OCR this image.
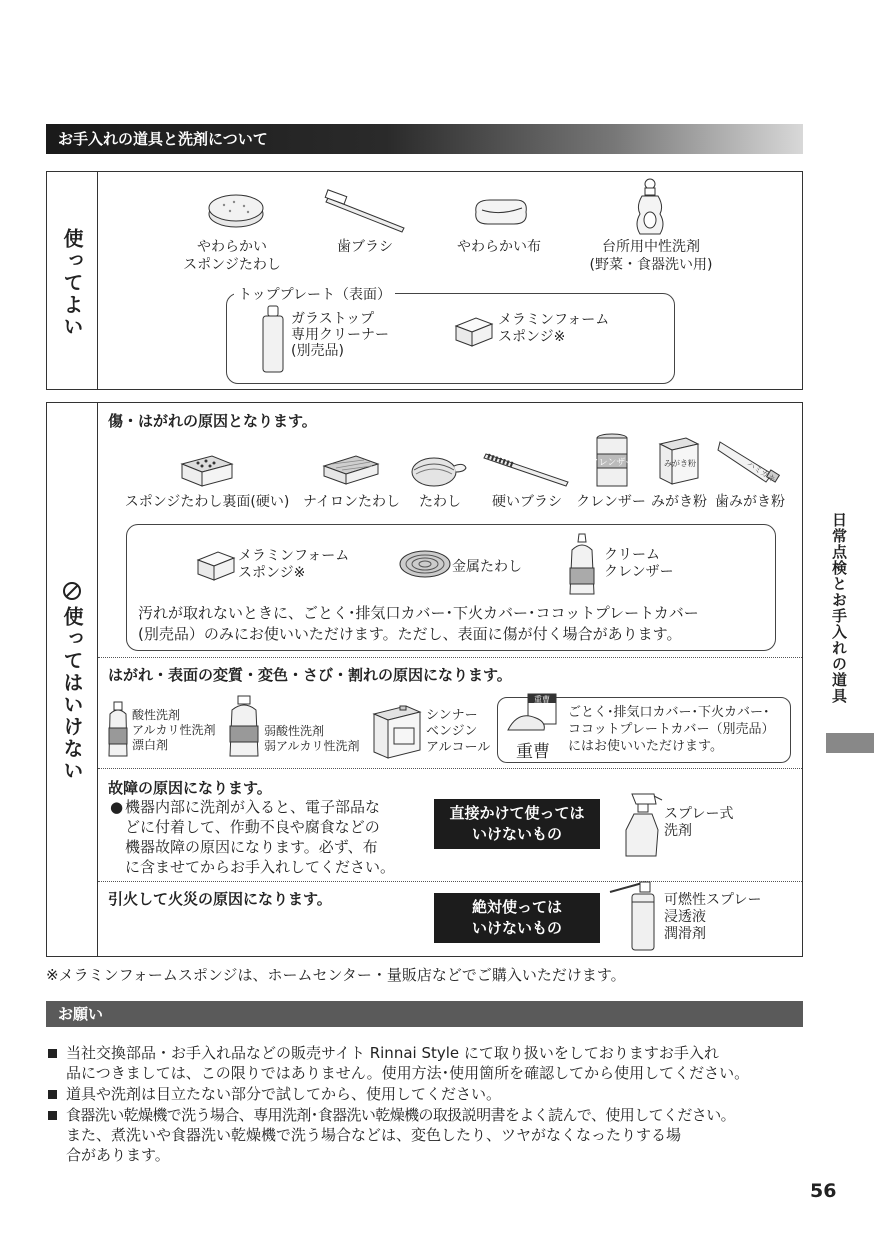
お手入れの道具と洗剤について
使ってよい	やわらかい
スポンジたわし
歯ブラシ	やわらかい布	台所用中性洗剤
(野菜・食器洗い用)
トッププレート（表面）
ガラストップ
専用クリーナー
(別売品)
メラミンフォーム
スポンジ※
使ってはいけない
傷・はがれの原因となります。
クレンザー	みがき粉	ハミガキ
スポンジたわし裏面(硬い) ナイロンたわし	たわし	硬いブラシ	クレンザー みがき粉 歯みがき粉
メラミンフォーム
スポンジ※	金属たわし
クリーム
クレンザー
汚れが取れないときに、ごとく･排気口カバー･下火カバー･ココットプレートカバー
(別売品）のみにお使いいただけます。ただし、表面に傷が付く場合があります。
はがれ・表面の変質・変色・さび・割れの原因になります。
酸性洗剤
アルカリ性洗剤
漂白剤
弱酸性洗剤
弱アルカリ性洗剤
シンナー
ベンジン
アルコール
重曹
重曹
ごとく･排気口カバー･下火カバー･
ココットプレートカバー（別売品）
にはお使いいただけます。
故障の原因になります。
● 機器内部に洗剤が入ると、電子部品な
どに付着して、作動不良や腐食などの
機器故障の原因になります。必ず、布
に含ませてからお手入れしてください。
直接かけて使っては
いけないもの
スプレー式
洗剤
引火して火災の原因になります。	絶対使っては
いけないもの
可燃性スプレー
浸透液
潤滑剤
※メラミンフォームスポンジは、ホームセンター・量販店などでご購入いただけます。
お願い
当社交換部品・お手入れ品などの販売サイト Rinnai Style にて取り扱いをしておりますお手入れ
品につきましては、この限りではありません。使用方法･使用箇所を確認してから使用してください。
道具や洗剤は目立たない部分で試してから、使用してください。
食器洗い乾燥機で洗う場合、専用洗剤･食器洗い乾燥機の取扱説明書をよく読んで、使用してください。
また、煮洗いや食器洗い乾燥機で洗う場合などは、変色したり、ツヤがなくなったりする場
合があります。
日常点検とお手入れの道具
56
